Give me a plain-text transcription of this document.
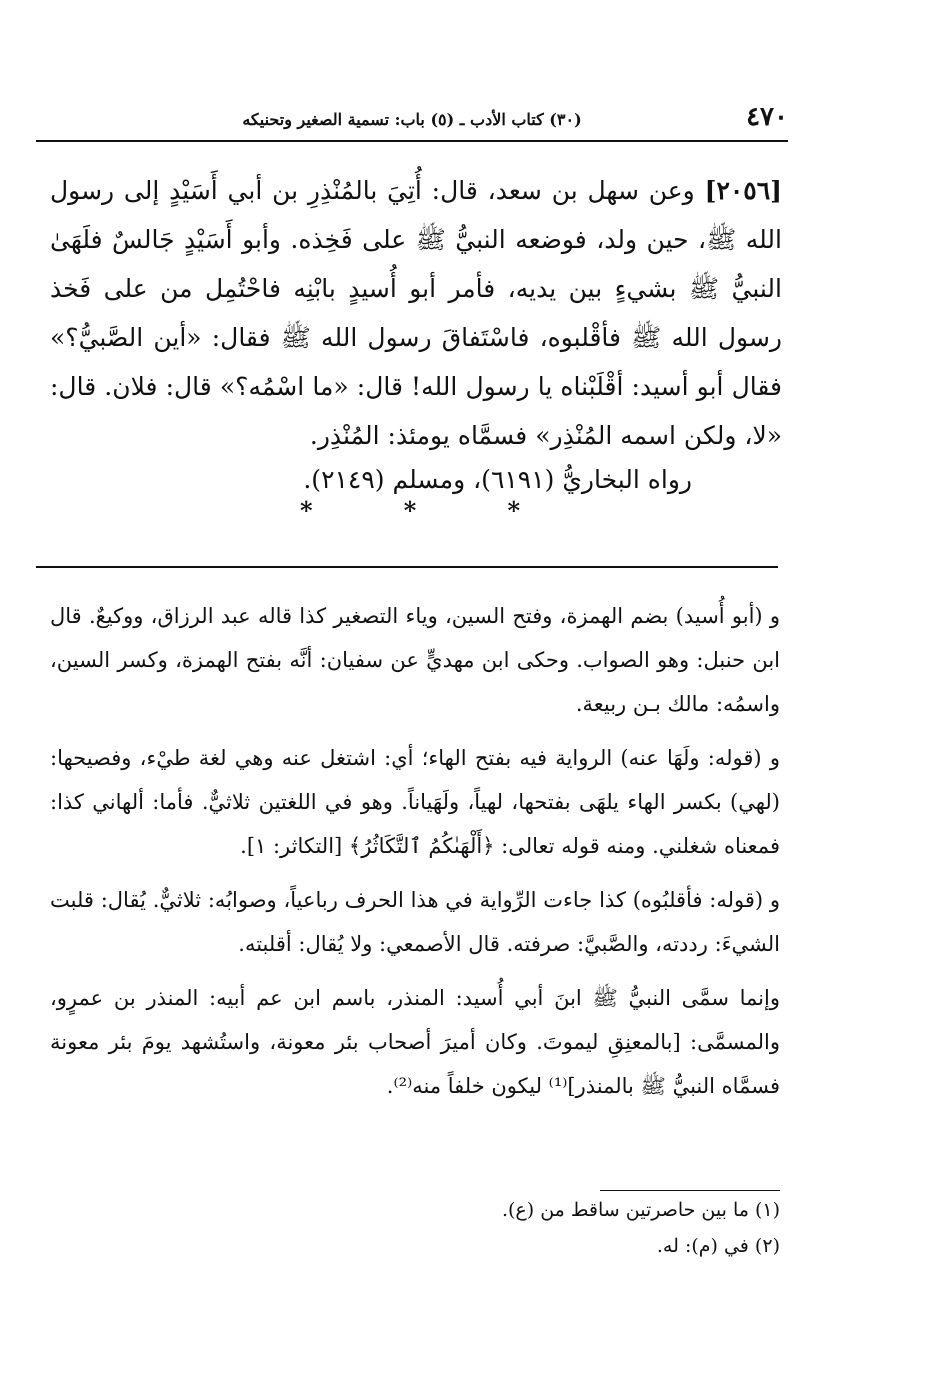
٤٧٠
(٣٠) كتاب الأدب ـ (٥) باب: تسمية الصغير وتحنيكه

[٢٠٥٦] وعن سهل بن سعد، قال: أُتِيَ بالمُنْذِرِ بن أبي أَسَيْدٍ إلى رسول الله ﷺ، حين ولد، فوضعه النبيُّ ﷺ على فَخِذه. وأبو أَسَيْدٍ جَالسٌ فلَهَىٰ النبيُّ ﷺ بشيءٍ بين يديه، فأمر أبو أُسيدٍ بابْنِه فاحْتُمِل من على فَخذ رسول الله ﷺ فأقْلبوه، فاسْتَفاقَ رسول الله ﷺ فقال: «أين الصَّبيُّ؟» فقال أبو أسيد: أقْلَبْناه يا رسول الله! قال: «ما اسْمُه؟» قال: فلان. قال: «لا، ولكن اسمه المُنْذِر» فسمَّاه يومئذ: المُنْذِر.

رواه البخاريُّ (٦١٩١)، ومسلم (٢١٤٩).
*
*
*

و (أبو أُسيد) بضم الهمزة، وفتح السين، وياء التصغير كذا قاله عبد الرزاق، ووكيعٌ. قال ابن حنبل: وهو الصواب. وحكى ابن مهديٍّ عن سفيان: أنَّه بفتح الهمزة، وكسر السين، واسمُه: مالك بـن ربيعة.

و (قوله: ولَهَا عنه) الرواية فيه بفتح الهاء؛ أي: اشتغل عنه وهي لغة طيْء، وفصيحها: (لهي) بكسر الهاء يلهَى بفتحها، لهياً، ولَهَياناً. وهو في اللغتين ثلاثيٌّ. فأما: ألهاني كذا: فمعناه شغلني. ومنه قوله تعالى: ﴿أَلْهَىٰكُمُ ٱلتَّكَاثُرُ﴾ [التكاثر: ١].

و (قوله: فأقلبُوه) كذا جاءت الرِّواية في هذا الحرف رباعياً، وصوابُه: ثلاثيٌّ. يُقال: قلبت الشيءَ: رددته، والصَّبيَّ: صرفته. قال الأصمعي: ولا يُقال: أقلبته.

وإنما سمَّى النبيُّ ﷺ ابنَ أبي أُسيد: المنذر، باسم ابن عم أبيه: المنذر بن عمرٍو، والمسمَّى: [بالمعنِقِ ليموتَ. وكان أميرَ أصحاب بئر معونة، واستُشهد يومَ بئر معونة فسمَّاه النبيُّ ﷺ بالمنذر]⁽¹⁾ ليكون خلفاً منه⁽²⁾.

(١) ما بين حاصرتين ساقط من (ع).
(٢) في (م): له.
